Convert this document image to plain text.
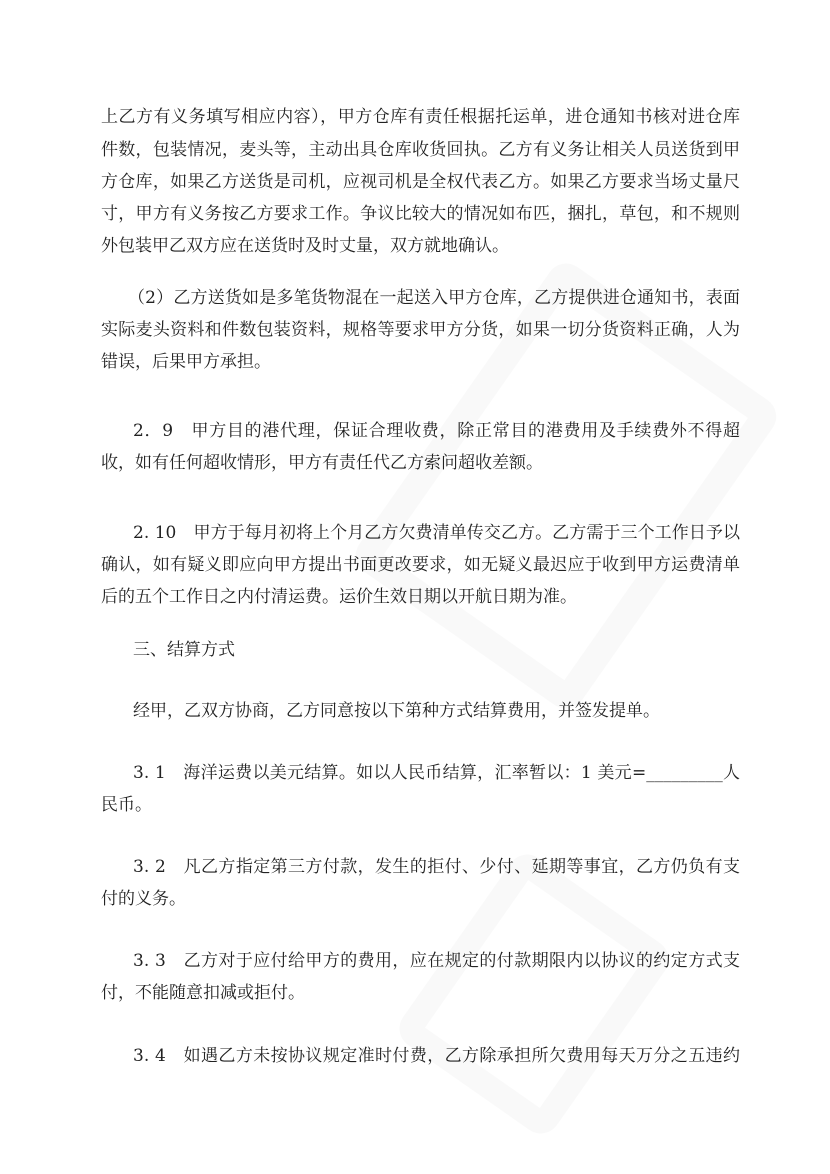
上乙方有义务填写相应内容），甲方仓库有责任根据托运单，进仓通知书核对进仓库
件数，包装情况，麦头等，主动出具仓库收货回执。乙方有义务让相关人员送货到甲
方仓库，如果乙方送货是司机，应视司机是全权代表乙方。如果乙方要求当场丈量尺
寸，甲方有义务按乙方要求工作。争议比较大的情况如布匹，捆扎，草包，和不规则
外包装甲乙双方应在送货时及时丈量，双方就地确认。
（2）乙方送货如是多笔货物混在一起送入甲方仓库，乙方提供进仓通知书，表面
实际麦头资料和件数包装资料，规格等要求甲方分货，如果一切分货资料正确，人为
错误，后果甲方承担。
2．9　甲方目的港代理，保证合理收费，除正常目的港费用及手续费外不得超
收，如有任何超收情形，甲方有责任代乙方索问超收差额。
2. 10　甲方于每月初将上个月乙方欠费清单传交乙方。乙方需于三个工作日予以
确认，如有疑义即应向甲方提出书面更改要求，如无疑义最迟应于收到甲方运费清单
后的五个工作日之内付清运费。运价生效日期以开航日期为准。
三、结算方式
经甲，乙双方协商，乙方同意按以下第种方式结算费用，并签发提单。
3. 1　海洋运费以美元结算。如以人民币结算，汇率暂以：1 美元=_________人
民币。
3. 2　凡乙方指定第三方付款，发生的拒付、少付、延期等事宜，乙方仍负有支
付的义务。
3. 3　乙方对于应付给甲方的费用，应在规定的付款期限内以协议的约定方式支
付，不能随意扣减或拒付。
3. 4　如遇乙方未按协议规定准时付费，乙方除承担所欠费用每天万分之五违约
